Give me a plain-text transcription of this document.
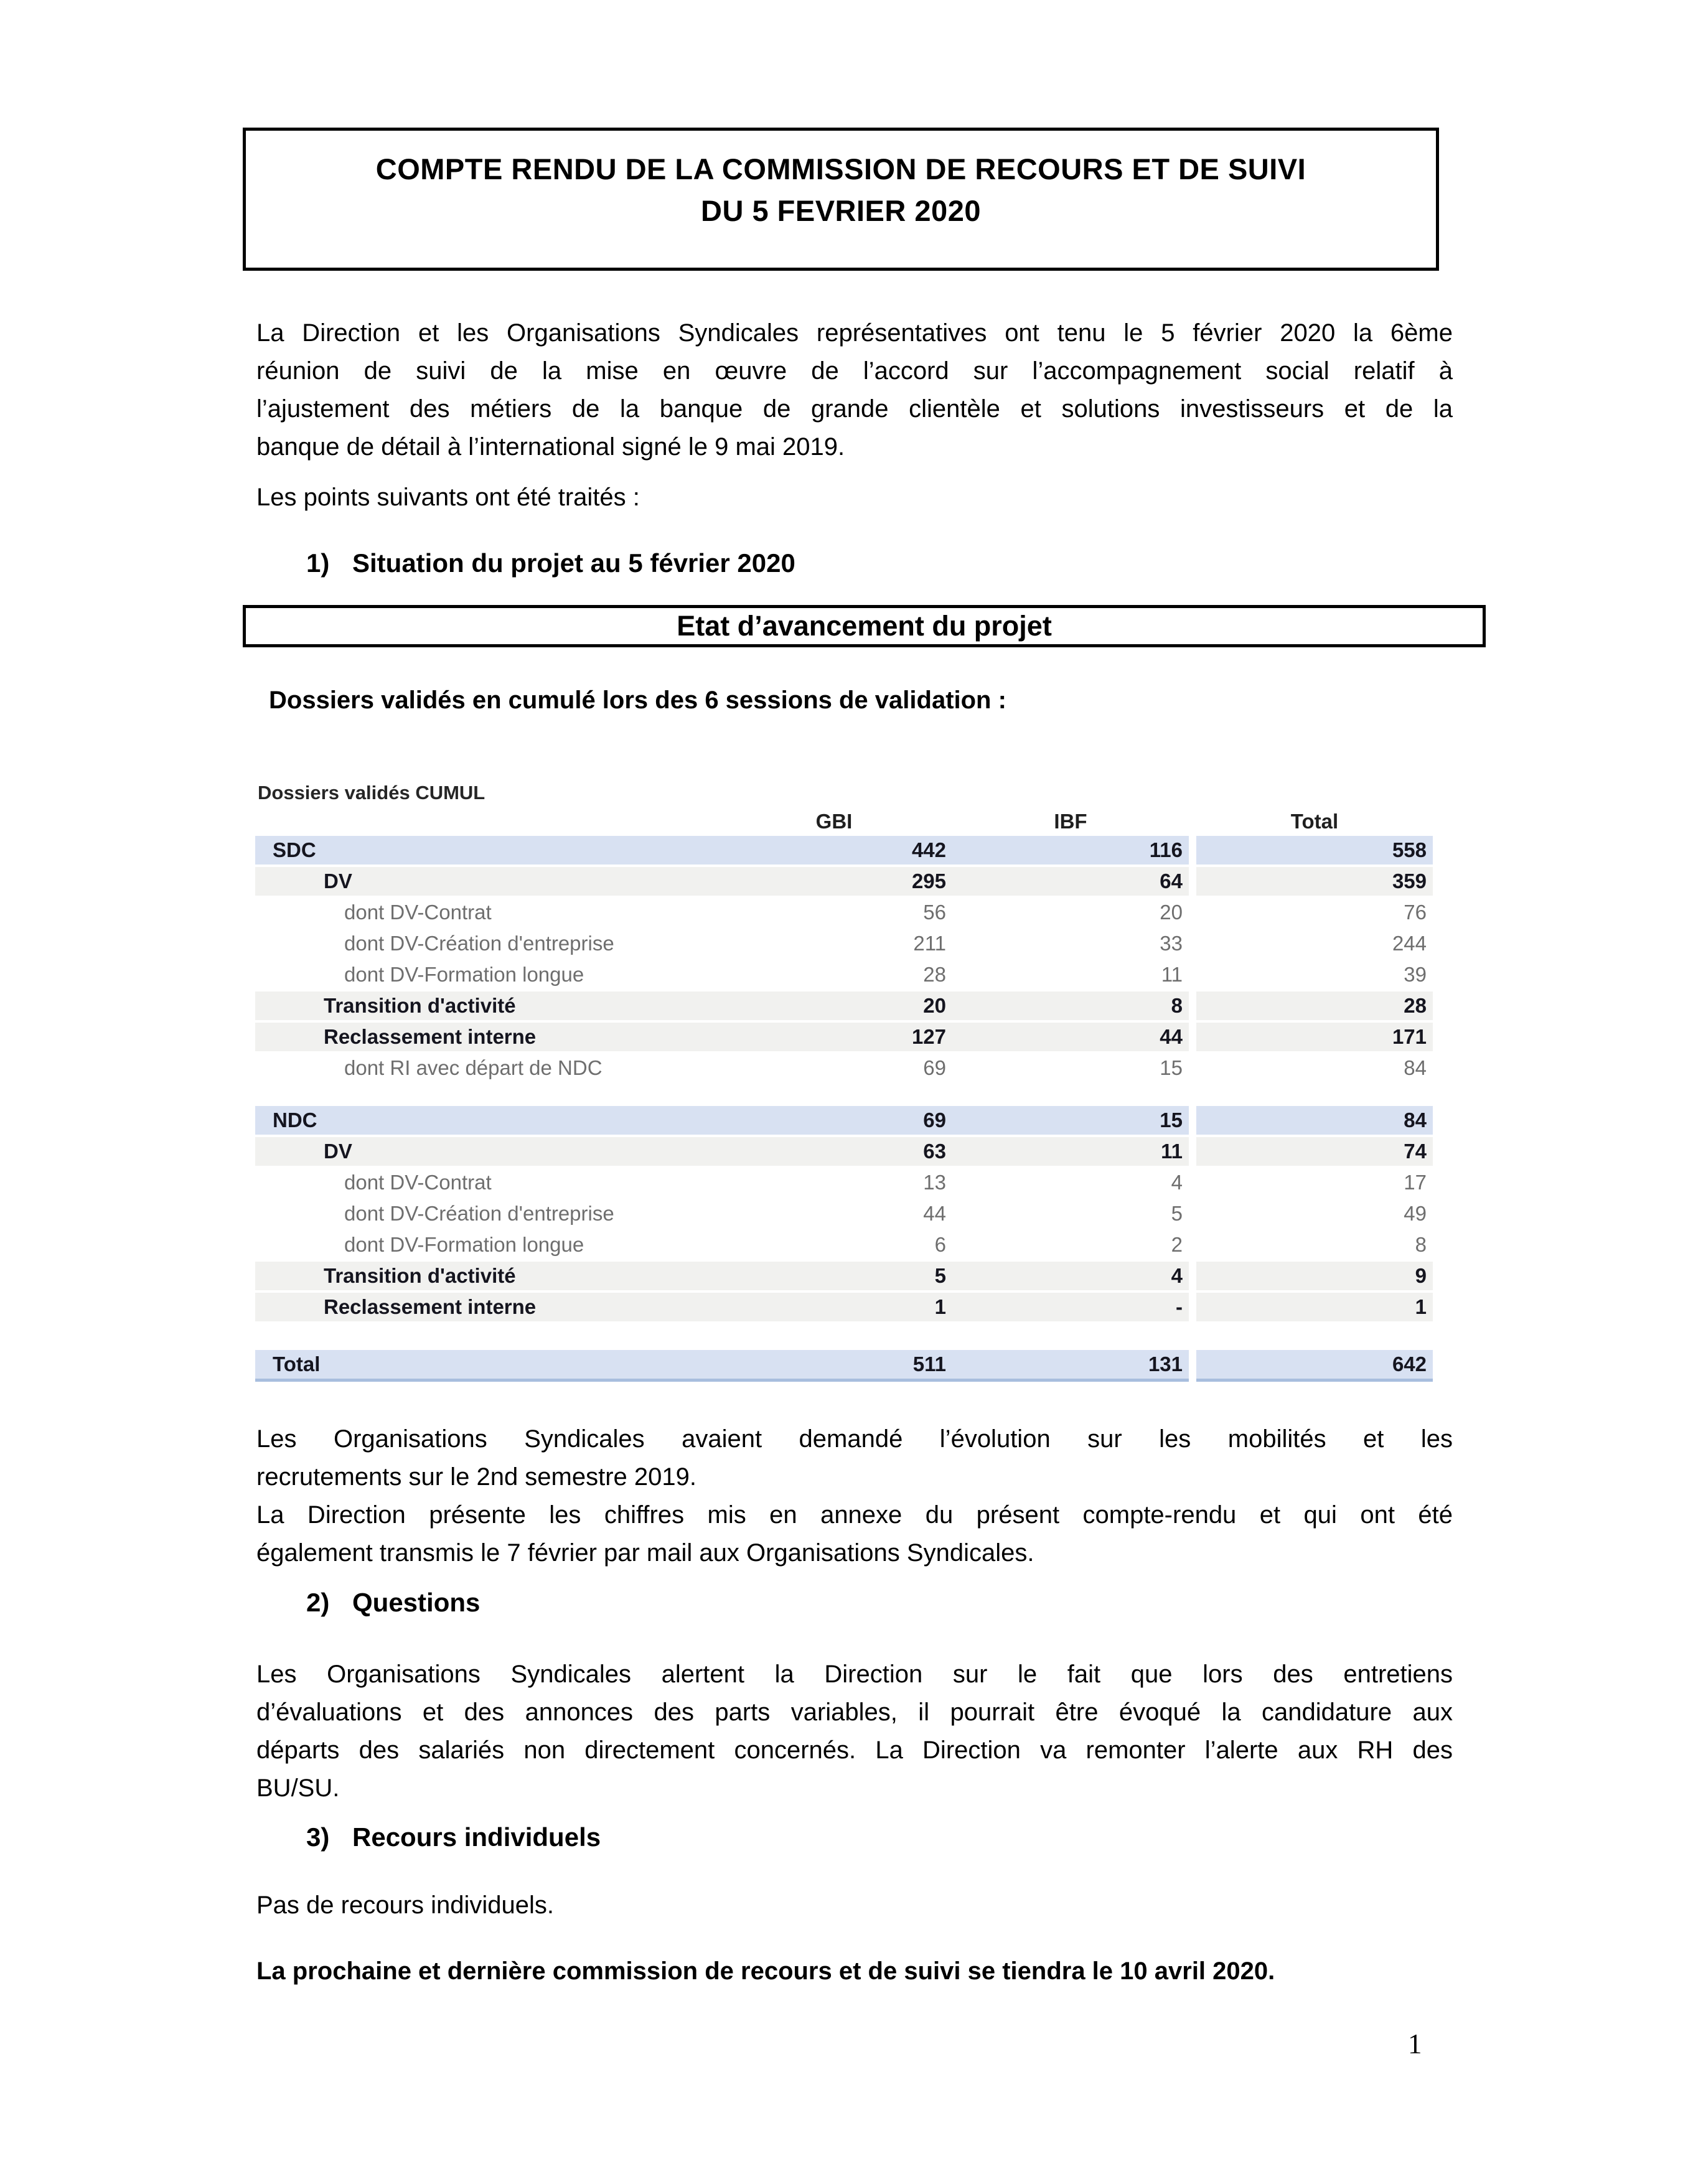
COMPTE RENDU DE LA COMMISSION DE RECOURS ET DE SUIVI
DU 5 FEVRIER 2020
La Direction et les Organisations Syndicales représentatives ont tenu le 5 février 2020 la 6ème
réunion de suivi de la mise en œuvre de l’accord sur l’accompagnement social relatif à
l’ajustement des métiers de la banque de grande clientèle et solutions investisseurs et de la
banque de détail à l’international signé le 9 mai 2019.
Les points suivants ont été traités :
1) Situation du projet au 5 février 2020
Etat d’avancement du projet
Dossiers validés en cumulé lors des 6 sessions de validation :
Dossiers validés CUMUL
GBI	IBF	Total
SDC	442	116	558
DV	295	64	359
dont DV-Contrat	56	20	76
dont DV-Création d'entreprise	211	33	244
dont DV-Formation longue	28	11	39
Transition d'activité	20	8	28
Reclassement interne	127	44	171
dont RI avec départ de NDC	69	15	84
NDC	69	15	84
DV	63	11	74
dont DV-Contrat	13	4	17
dont DV-Création d'entreprise	44	5	49
dont DV-Formation longue	6	2	8
Transition d'activité	5	4	9
Reclassement interne	1	-	1
Total	511	131	642
Les Organisations Syndicales avaient demandé l’évolution sur les mobilités et les
recrutements sur le 2nd semestre 2019.
La Direction présente les chiffres mis en annexe du présent compte-rendu et qui ont été
également transmis le 7 février par mail aux Organisations Syndicales.
2) Questions
Les Organisations Syndicales alertent la Direction sur le fait que lors des entretiens
d’évaluations et des annonces des parts variables, il pourrait être évoqué la candidature aux
départs des salariés non directement concernés. La Direction va remonter l’alerte aux RH des
BU/SU.
3) Recours individuels
Pas de recours individuels.
La prochaine et dernière commission de recours et de suivi se tiendra le 10 avril 2020.
1
